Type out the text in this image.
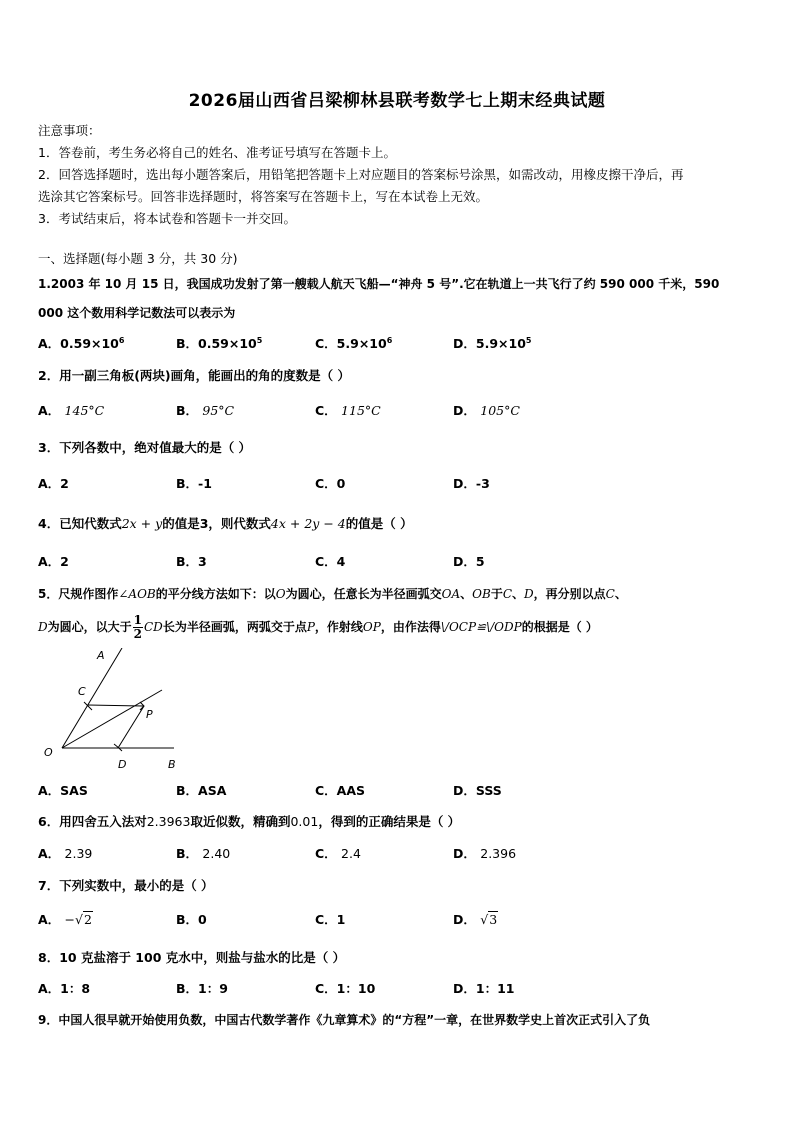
2026届山西省吕梁柳林县联考数学七上期末经典试题
注意事项：
1．答卷前，考生务必将自己的姓名、准考证号填写在答题卡上。
2．回答选择题时，选出每小题答案后，用铅笔把答题卡上对应题目的答案标号涂黑，如需改动，用橡皮擦干净后，再
选涂其它答案标号。回答非选择题时，将答案写在答题卡上，写在本试卷上无效。
3．考试结束后，将本试卷和答题卡一并交回。
一、选择题(每小题 3 分，共 30 分)
1.2003 年 10 月 15 日，我国成功发射了第一艘载人航天飞船—“神舟 5 号”.它在轨道上一共飞行了约 590 000 千米，590
000 这个数用科学记数法可以表示为
A．$0.59\times 10^6$	B．$0.59\times 10^5$	C．$5.9\times 10^6$	D．$5.9\times 10^5$
2．用一副三角板(两块)画角，能画出的角的度数是（ ）
A． 145°C	B． 95°C	C． 115°C	D． 105°C
3．下列各数中，绝对值最大的是（ ）
A．2	B．-1	C．0	D．-3
4．已知代数式2x + y的值是3，则代数式4x + 2y − 4的值是（ ）
A．2	B．3	C．4	D．5
5．尺规作图作∠AOB的平分线方法如下：以O为圆心，任意长为半径画弧交OA、OB于C、D，再分别以点C、
D为圆心，以大于 $\frac{1}{2}$ CD长为半径画弧，两弧交于点P，作射线OP，由作法得\/OCP≌\/ODP的根据是（ ）
A
C
P
O
D	B
A．SAS	B．ASA	C．AAS	D．SSS
6．用四舍五入法对2.3963取近似数，精确到0.01，得到的正确结果是（ ）
A． 2.39	B． 2.40	C． 2.4	D． 2.396
7．下列实数中，最小的是（ ）
A． −√2	B．0	C．1	D． √3
8．10 克盐溶于 100 克水中，则盐与盐水的比是（ ）
A．1：8	B．1：9	C．1：10	D．1：11
9．中国人很早就开始使用负数，中国古代数学著作《九章算术》的“方程”一章，在世界数学史上首次正式引入了负
